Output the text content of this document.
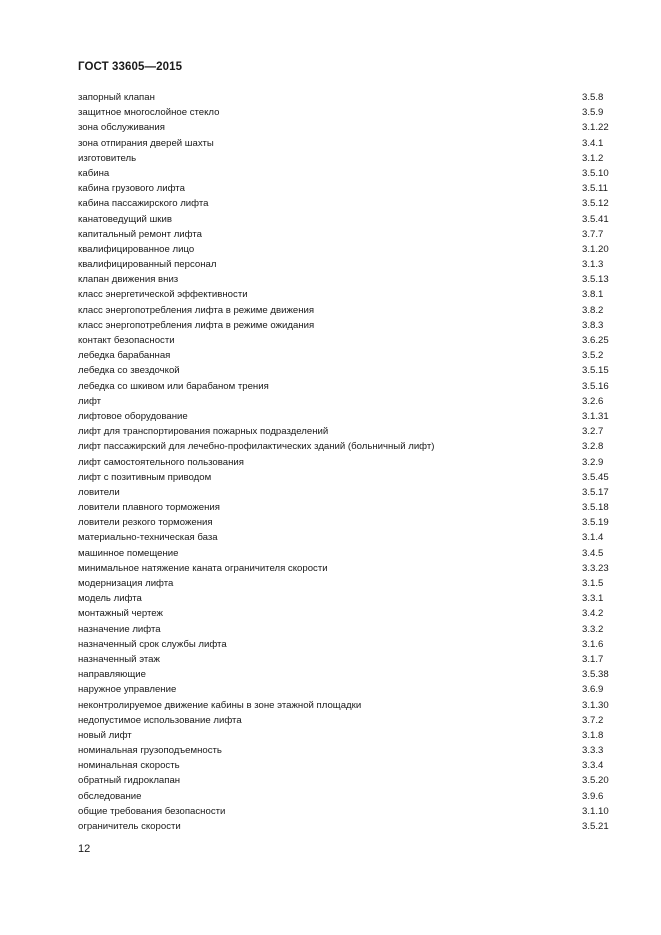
ГОСТ 33605—2015
запорный клапан	3.5.8
защитное многослойное стекло	3.5.9
зона обслуживания	3.1.22
зона отпирания дверей шахты	3.4.1
изготовитель	3.1.2
кабина	3.5.10
кабина грузового лифта	3.5.11
кабина пассажирского лифта	3.5.12
канатоведущий шкив	3.5.41
капитальный ремонт лифта	3.7.7
квалифицированное лицо	3.1.20
квалифицированный персонал	3.1.3
клапан движения вниз	3.5.13
класс энергетической эффективности	3.8.1
класс энергопотребления лифта в режиме движения	3.8.2
класс энергопотребления лифта в режиме ожидания	3.8.3
контакт безопасности	3.6.25
лебедка барабанная	3.5.2
лебедка со звездочкой	3.5.15
лебедка со шкивом или барабаном трения	3.5.16
лифт	3.2.6
лифтовое оборудование	3.1.31
лифт для транспортирования пожарных подразделений	3.2.7
лифт пассажирский для лечебно-профилактических зданий (больничный лифт)	3.2.8
лифт самостоятельного пользования	3.2.9
лифт с позитивным приводом	3.5.45
ловители	3.5.17
ловители плавного торможения	3.5.18
ловители резкого торможения	3.5.19
материально-техническая база	3.1.4
машинное помещение	3.4.5
минимальное натяжение каната ограничителя скорости	3.3.23
модернизация лифта	3.1.5
модель лифта	3.3.1
монтажный чертеж	3.4.2
назначение лифта	3.3.2
назначенный срок службы лифта	3.1.6
назначенный этаж	3.1.7
направляющие	3.5.38
наружное управление	3.6.9
неконтролируемое движение кабины в зоне этажной площадки	3.1.30
недопустимое использование лифта	3.7.2
новый лифт	3.1.8
номинальная грузоподъемность	3.3.3
номинальная скорость	3.3.4
обратный гидроклапан	3.5.20
обследование	3.9.6
общие требования безопасности	3.1.10
ограничитель скорости	3.5.21
12
